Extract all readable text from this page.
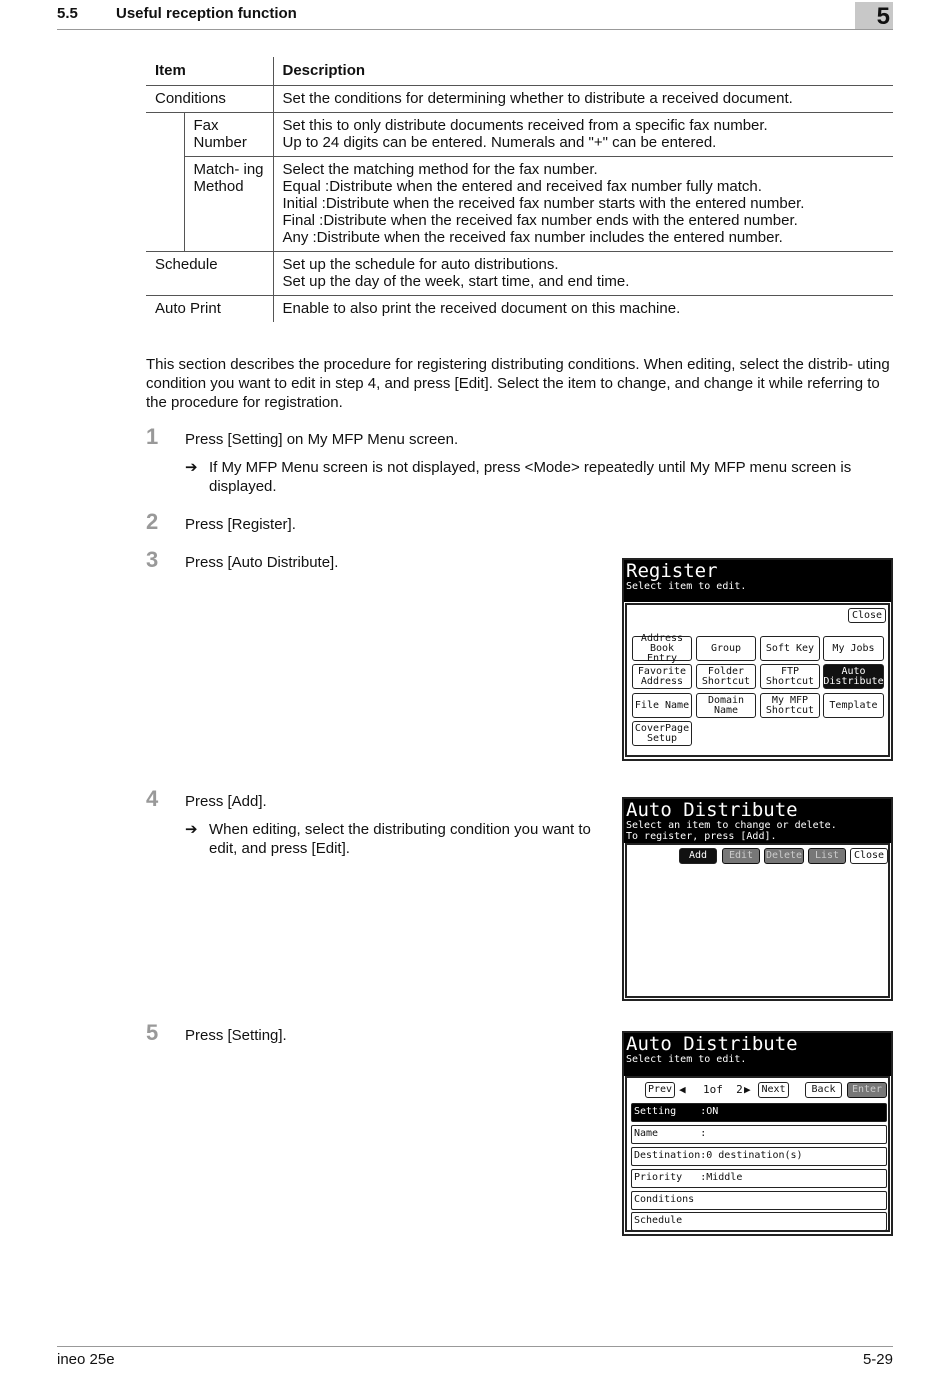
5.5	Useful reception function	5
Item		Description
Conditions		Set the conditions for determining whether to distribute a received document.
	Fax Number	Set this to only distribute documents received from a specific fax number.
Up to 24 digits can be entered. Numerals and "+" can be entered.

	Match- ing Method	Select the matching method for the fax number.
Equal :Distribute when the entered and received fax number fully match.
Initial :Distribute when the received fax number starts with the entered number.
Final :Distribute when the received fax number ends with the entered number.
Any :Distribute when the received fax number includes the entered number.

Schedule		Set up the schedule for auto distributions.
Set up the day of the week, start time, and end time.

Auto Print		Enable to also print the received document on this machine.
This section describes the procedure for registering distributing conditions. When editing, select the distrib- uting condition you want to edit in step 4, and press [Edit]. Select the item to change, and change it while referring to the procedure for registration.
1 Press [Setting] on My MFP Menu screen.
➔ If My MFP Menu screen is not displayed, press <Mode> repeatedly until My MFP menu screen is displayed.
2 Press [Register].
3 Press [Auto Distribute].	Register
Select item to edit.
Close
Address
Book Entry
Group	Soft Key	My Jobs
Favorite
Address
Folder
Shortcut
FTP
Shortcut
Auto
Distribute
File Name	Domain
Name
My MFP
Shortcut	Template
CoverPage
Setup
4 Press [Add].
➔ When editing, select the distributing condition you want to edit, and press [Edit].
Auto Distribute
Select an item to change or delete.
To register, press [Add].
Add	Edit	Delete	List	Close
5 Press [Setting].	Auto Distribute
Select item to edit.
Prev ◀ 1of  2 ▶	Next	Back	Enter
Setting    :ON
Name       :
Destination:0 destination(s)
Priority   :Middle
Conditions
Schedule
ineo 25e	5-29
